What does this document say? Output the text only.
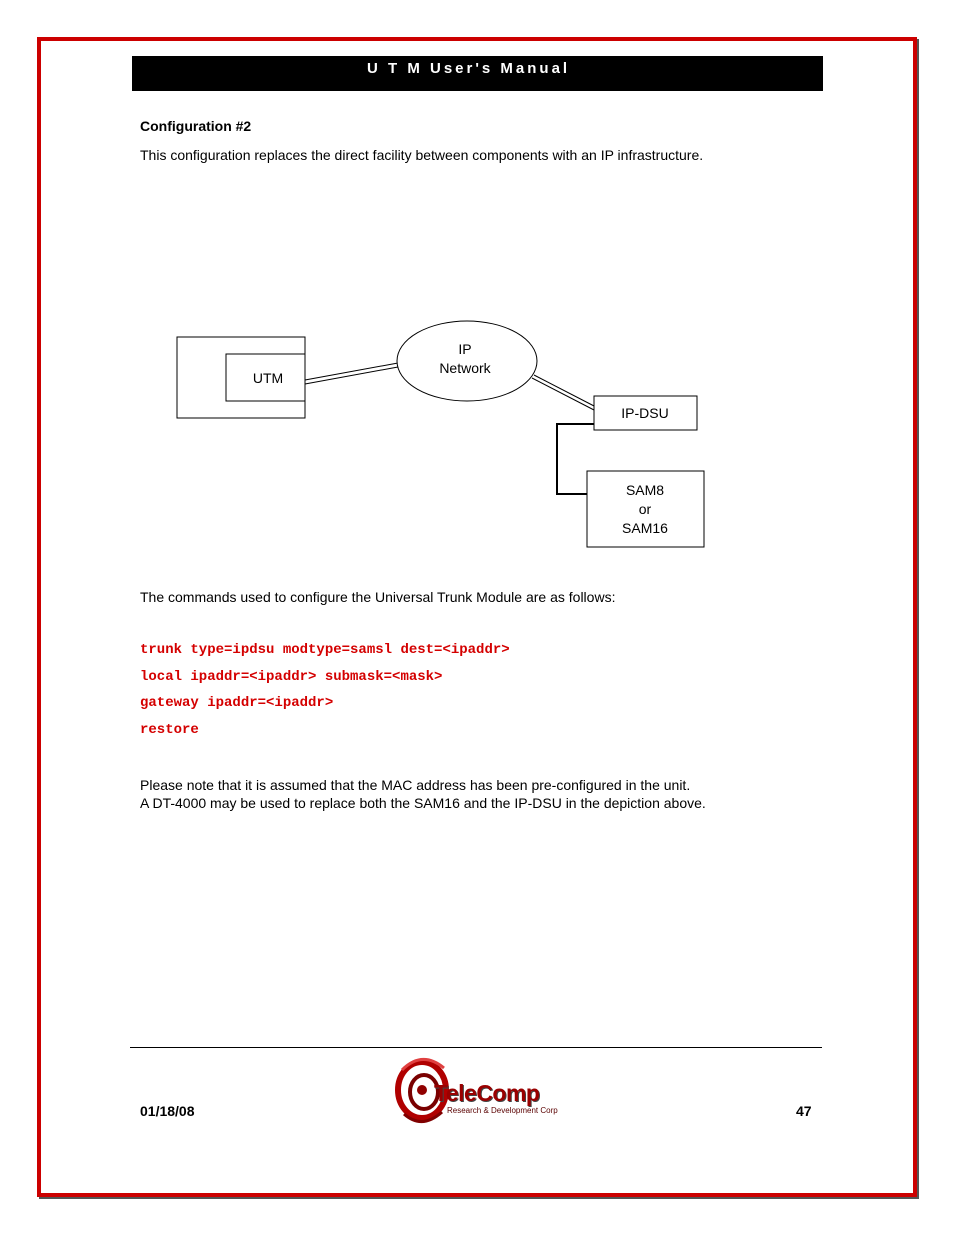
U T M User's Manual
Configuration #2
This configuration replaces the direct facility between components with an IP infrastructure.
UTM
IP
Network
IP-DSU
SAM8
or
SAM16
The commands used to configure the Universal Trunk Module are as follows:
trunk type=ipdsu modtype=samsl dest=<ipaddr>
local ipaddr=<ipaddr> submask=<mask>
gateway ipaddr=<ipaddr>
restore
Please note that it is assumed that the MAC address has been pre-configured in the unit.
A DT-4000 may be used to replace both the SAM16 and the IP-DSU in the depiction above.
01/18/08	47
TeleComp
Research & Development Corp
